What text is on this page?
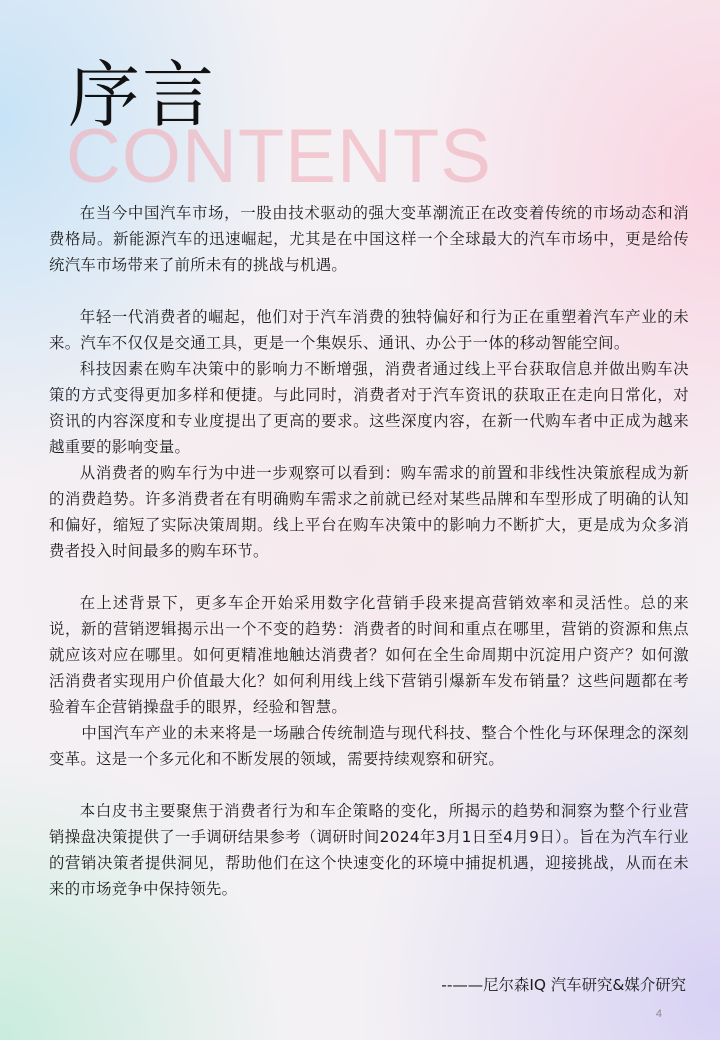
CONTENTS
序言

在当今中国汽车市场，一股由技术驱动的强大变革潮流正在改变着传统的市场动态和消费格局。新能源汽车的迅速崛起，尤其是在中国这样一个全球最大的汽车市场中，更是给传统汽车市场带来了前所未有的挑战与机遇。

年轻一代消费者的崛起，他们对于汽车消费的独特偏好和行为正在重塑着汽车产业的未来。汽车不仅仅是交通工具，更是一个集娱乐、通讯、办公于一体的移动智能空间。

科技因素在购车决策中的影响力不断增强，消费者通过线上平台获取信息并做出购车决策的方式变得更加多样和便捷。与此同时，消费者对于汽车资讯的获取正在走向日常化，对资讯的内容深度和专业度提出了更高的要求。这些深度内容，在新一代购车者中正成为越来越重要的影响变量。

从消费者的购车行为中进一步观察可以看到：购车需求的前置和非线性决策旅程成为新的消费趋势。许多消费者在有明确购车需求之前就已经对某些品牌和车型形成了明确的认知和偏好，缩短了实际决策周期。线上平台在购车决策中的影响力不断扩大，更是成为众多消费者投入时间最多的购车环节。

在上述背景下，更多车企开始采用数字化营销手段来提高营销效率和灵活性。总的来说，新的营销逻辑揭示出一个不变的趋势：消费者的时间和重点在哪里，营销的资源和焦点就应该对应在哪里。如何更精准地触达消费者？如何在全生命周期中沉淀用户资产？如何激活消费者实现用户价值最大化？如何利用线上线下营销引爆新车发布销量？这些问题都在考验着车企营销操盘手的眼界，经验和智慧。

中国汽车产业的未来将是一场融合传统制造与现代科技、整合个性化与环保理念的深刻变革。这是一个多元化和不断发展的领域，需要持续观察和研究。

本白皮书主要聚焦于消费者行为和车企策略的变化，所揭示的趋势和洞察为整个行业营销操盘决策提供了一手调研结果参考（调研时间2024年3月1日至4月9日）。旨在为汽车行业的营销决策者提供洞见，帮助他们在这个快速变化的环境中捕捉机遇，迎接挑战，从而在未来的市场竞争中保持领先。

--——尼尔森IQ 汽车研究&媒介研究
4
